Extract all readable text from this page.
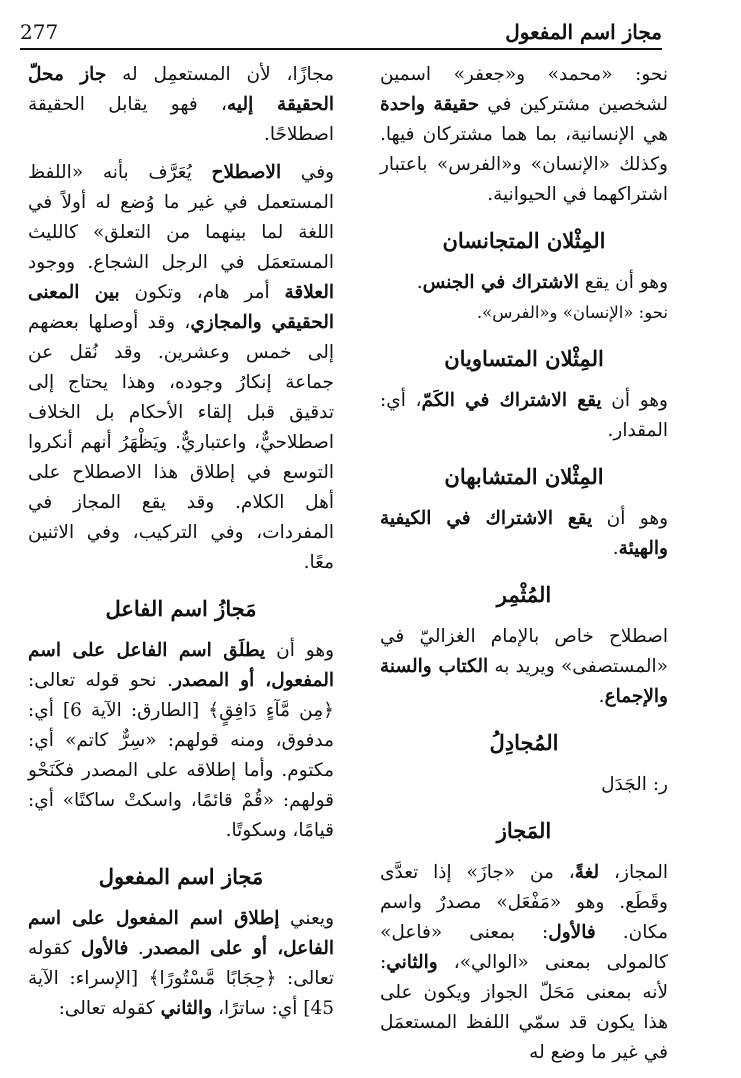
277	مجاز اسم المفعول

نحو: «محمد» و«جعفر» اسمين لشخصين مشتركين في حقيقة واحدة هي الإنسانية، بما هما مشتركان فيها. وكذلك «الإنسان» و«الفرس» باعتبار اشتراكهما في الحيوانية.

المِثْلان المتجانسان

وهو أن يقع الاشتراك في الجنس.
نحو: «الإنسان» و«الفرس».

المِثْلان المتساويان

وهو أن يقع الاشتراك في الكَمّ، أي: المقدار.

المِثْلان المتشابهان

وهو أن يقع الاشتراك في الكيفية والهيئة.

المُثْمِر

اصطلاح خاص بالإمام الغزاليّ في «المستصفى» ويريد به الكتاب والسنة والإجماع.

المُجادِلُ

ر: الجَدَل

المَجاز

المجاز، لغةً، من «جازَ» إذا تعدَّى وقَطَع. وهو «مَفْعَل» مصدرٌ واسم مكان. فالأول: بمعنى «فاعل» كالمولى بمعنى «الوالي»، والثاني: لأنه بمعنى مَحَلّ الجواز ويكون على هذا يكون قد سمّي اللفظ المستعمَل في غير ما وضع له

مجازًا، لأن المستعمِل له جاز محلّ الحقيقة إليه، فهو يقابل الحقيقة اصطلاحًا.

وفي الاصطلاح يُعَرَّف بأنه «اللفظ المستعمل في غير ما وُضع له أولاً في اللغة لما بينهما من التعلق» كالليث المستعمَل في الرجل الشجاع. ووجود العلاقة أمر هام، وتكون بين المعنى الحقيقي والمجازي، وقد أوصلها بعضهم إلى خمس وعشرين. وقد نُقل عن جماعة إنكارُ وجوده، وهذا يحتاج إلى تدقيق قبل إلقاء الأحكام بل الخلاف اصطلاحيٌّ، واعتباريٌّ. ويَظْهَرُ أنهم أنكروا التوسع في إطلاق هذا الاصطلاح على أهل الكلام. وقد يقع المجاز في المفردات، وفي التركيب، وفي الاثنين معًا.

مَجازُ اسم الفاعل

وهو أن يطلَق اسم الفاعل على اسم المفعول، أو المصدر. نحو قوله تعالى: ﴿مِن مَّآءٍ دَافِقٍ﴾ [الطارق: الآية 6] أي: مدفوق، ومنه قولهم: «سِرٌّ كاتم» أي: مكتوم. وأما إطلاقه على المصدر فكَنَحْو قولهم: «قُمْ قائمًا، واسكتْ ساكتًا» أي: قيامًا، وسكوتًا.

مَجاز اسم المفعول

ويعني إطلاق اسم المفعول على اسم الفاعل، أو على المصدر. فالأول كقوله تعالى: ﴿حِجَابًا مَّسْتُورًا﴾ [الإسراء: الآية 45] أي: ساترًا، والثاني كقوله تعالى:
